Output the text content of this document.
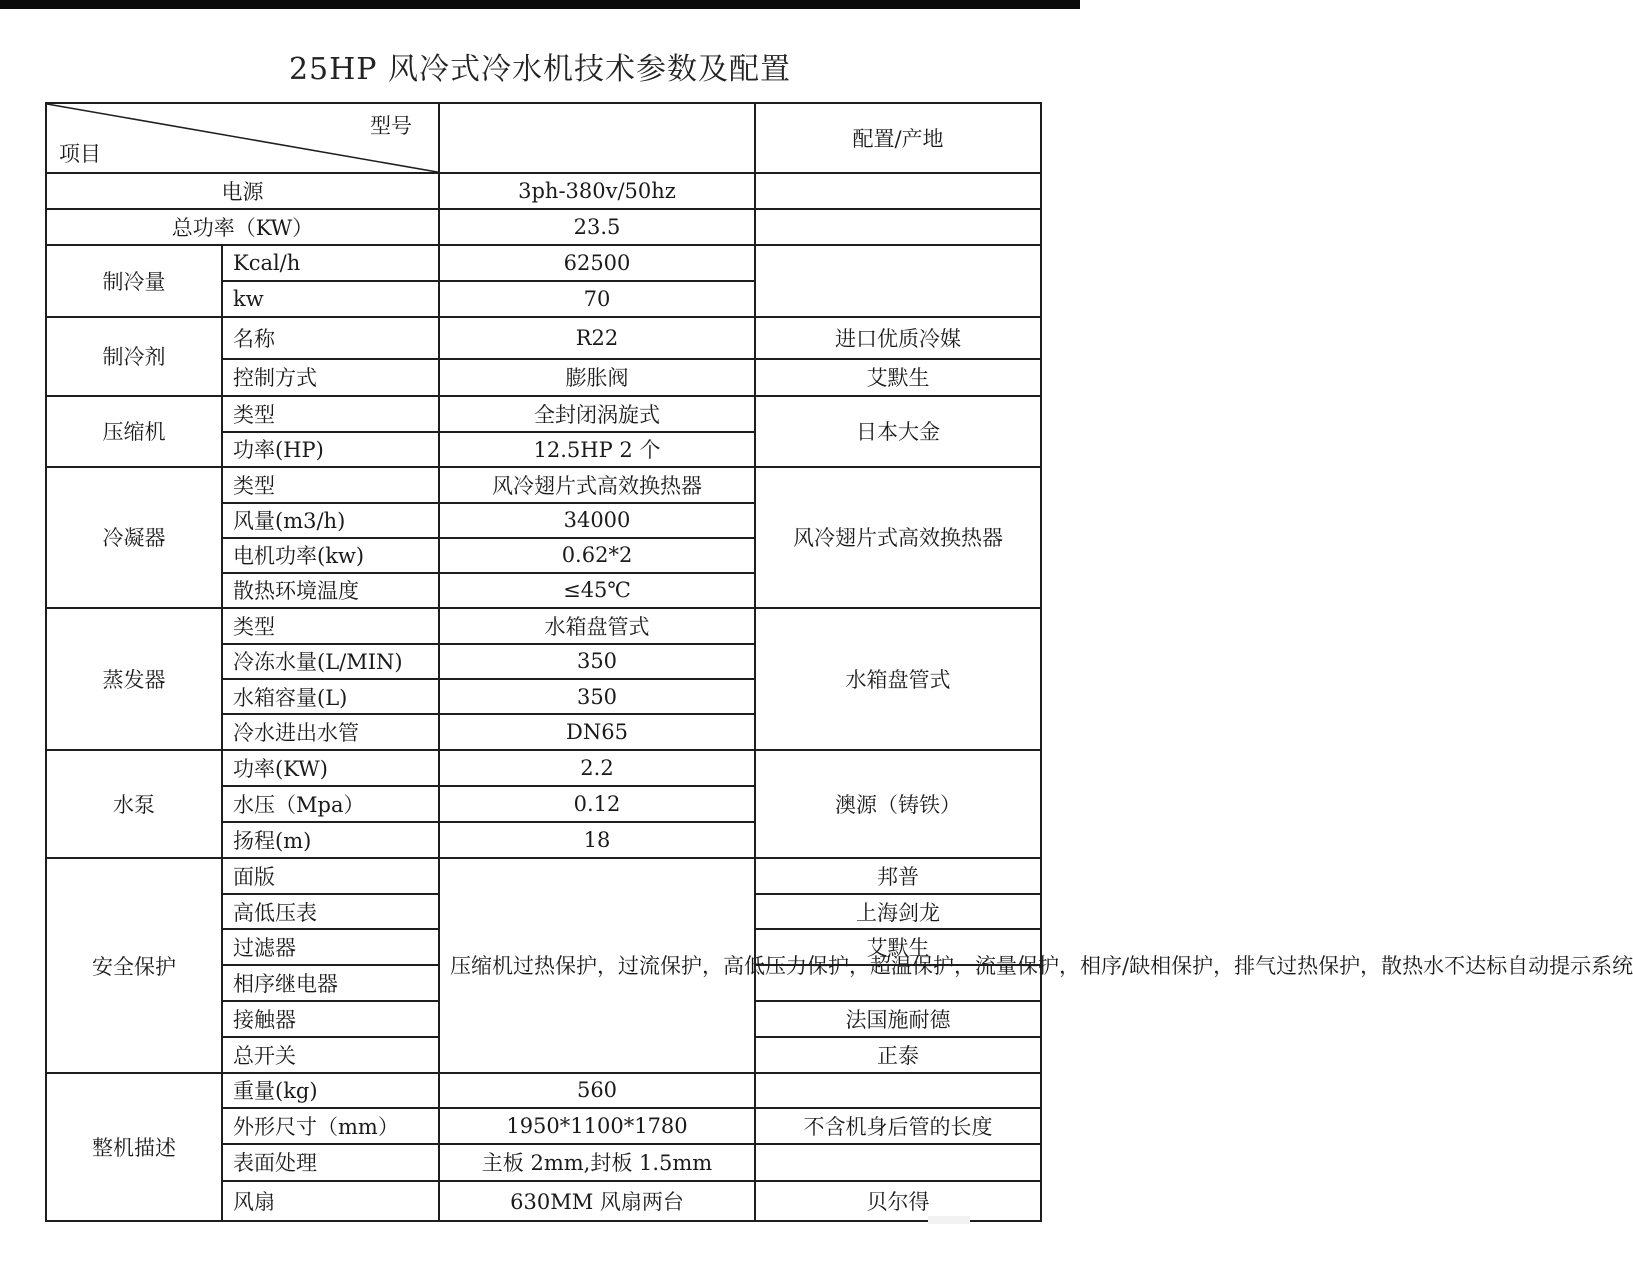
25HP 风冷式冷水机技术参数及配置
型号
项目			配置/产地
电源		3ph-380v/50hz	
总功率（KW）		23.5	
制冷量	Kcal/h	62500	
	kw	70	
制冷剂	名称	R22	进口优质冷媒
	控制方式	膨胀阀	艾默生
压缩机	类型	全封闭涡旋式	日本大金
	功率(HP)	12.5HP 2 个	
冷凝器	类型	风冷翅片式高效换热器	风冷翅片式高效换热器
	风量(m3/h)	34000	
	电机功率(kw)	0.62*2	
	散热环境温度	≤45℃	
蒸发器	类型	水箱盘管式	水箱盘管式
	冷冻水量(L/MIN)	350	
	水箱容量(L)	350	
	冷水进出水管	DN65	
水泵	功率(KW)	2.2	澳源（铸铁）
	水压（Mpa）	0.12	
	扬程(m)	18	
安全保护	面版	压缩机过热保护，过流保护，高低压力保护，超温保护，流量保护，相序/缺相保护，排气过热保护，散热水不达标自动提示系统	邦普
	高低压表		上海剑龙
	过滤器		艾默生
	相序继电器		
	接触器		法国施耐德
	总开关		正泰
整机描述	重量(kg)	560	
	外形尺寸（mm）	1950*1100*1780	不含机身后管的长度
	表面处理	主板 2mm,封板 1.5mm	
	风扇	630MM 风扇两台	贝尔得
